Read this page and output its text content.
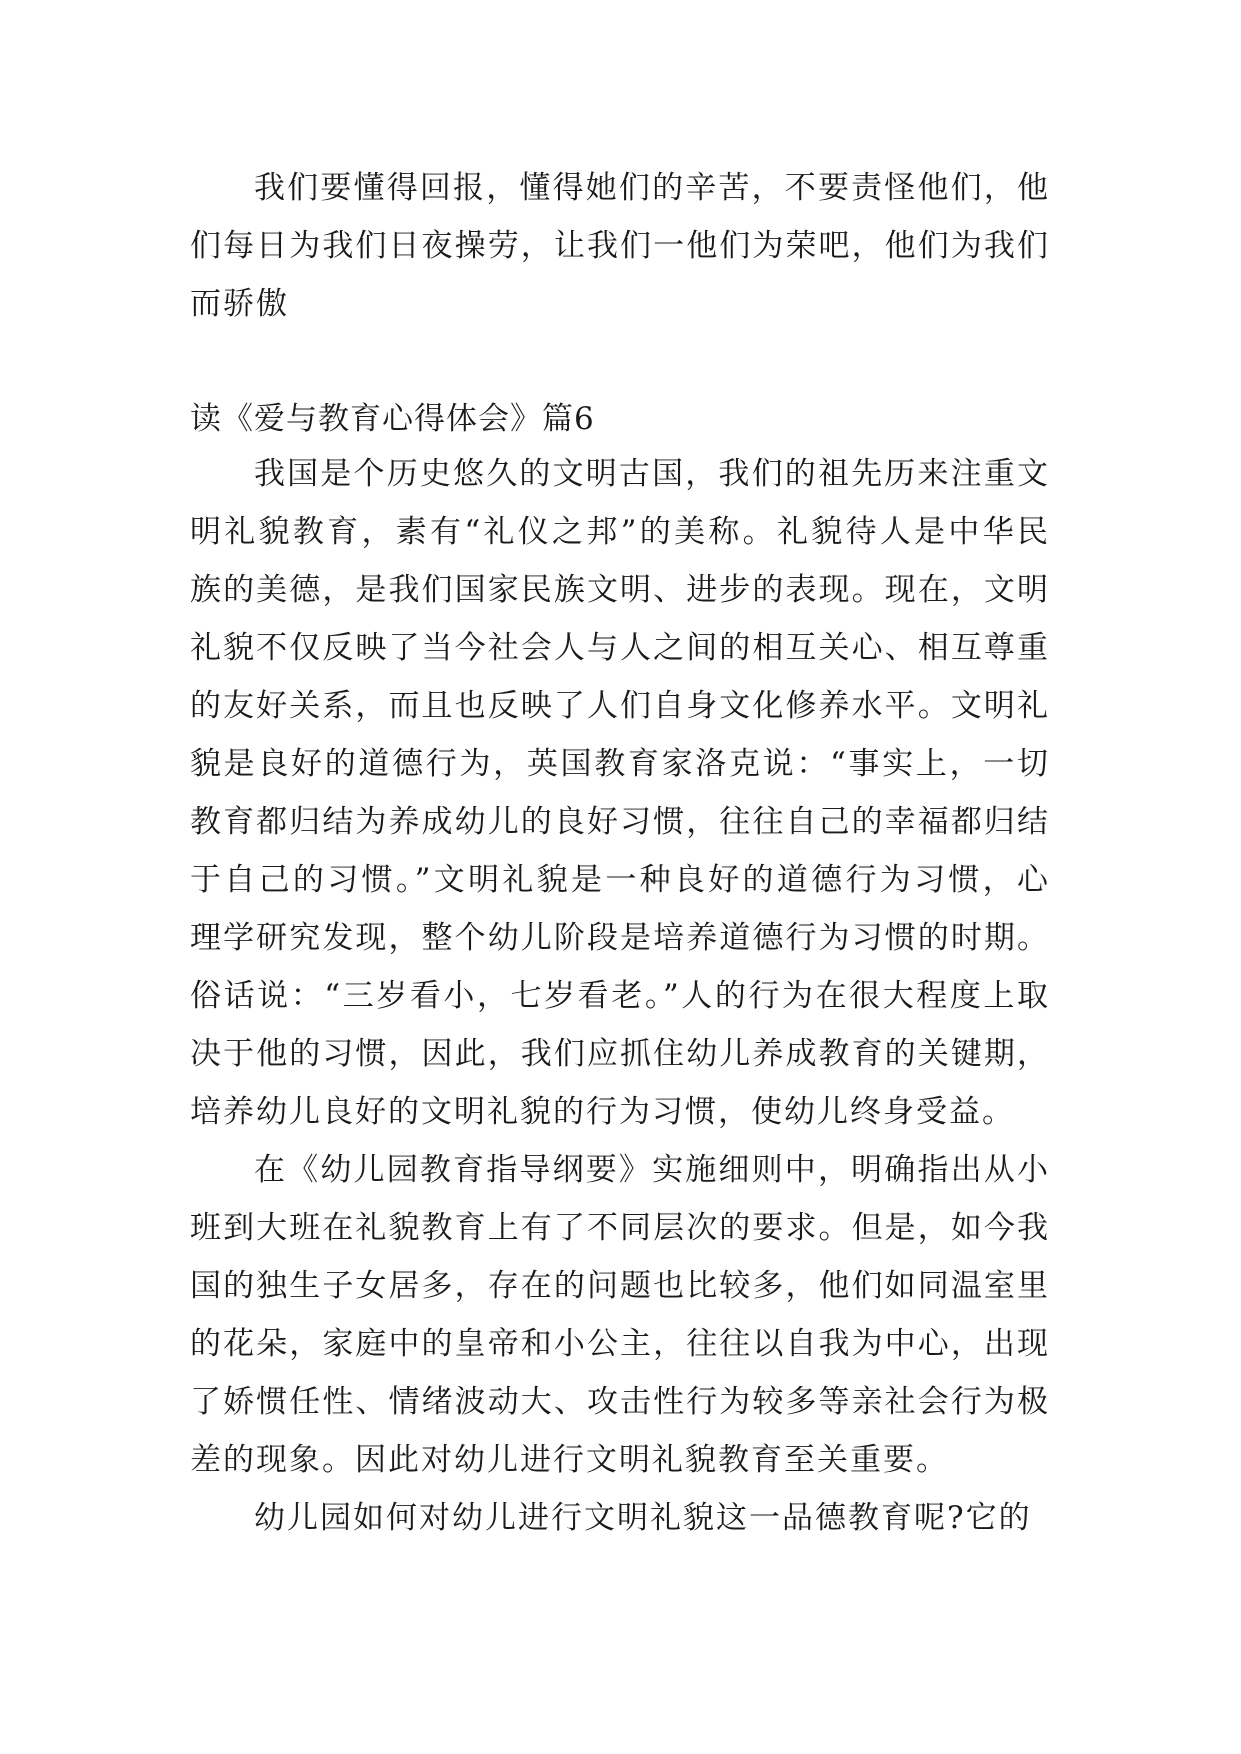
我们要懂得回报，懂得她们的辛苦，不要责怪他们，他们每日为我们日夜操劳，让我们一他们为荣吧，他们为我们而骄傲

读《爱与教育心得体会》篇6

我国是个历史悠久的文明古国，我们的祖先历来注重文明礼貌教育，素有“礼仪之邦”的美称。礼貌待人是中华民族的美德，是我们国家民族文明、进步的表现。现在，文明礼貌不仅反映了当今社会人与人之间的相互关心、相互尊重的友好关系，而且也反映了人们自身文化修养水平。文明礼貌是良好的道德行为，英国教育家洛克说：“事实上，一切教育都归结为养成幼儿的良好习惯，往往自己的幸福都归结于自己的习惯。”文明礼貌是一种良好的道德行为习惯，心理学研究发现，整个幼儿阶段是培养道德行为习惯的时期。俗话说：“三岁看小，七岁看老。”人的行为在很大程度上取决于他的习惯，因此，我们应抓住幼儿养成教育的关键期，培养幼儿良好的文明礼貌的行为习惯，使幼儿终身受益。

在《幼儿园教育指导纲要》实施细则中，明确指出从小班到大班在礼貌教育上有了不同层次的要求。但是，如今我国的独生子女居多，存在的问题也比较多，他们如同温室里的花朵，家庭中的皇帝和小公主，往往以自我为中心，出现了娇惯任性、情绪波动大、攻击性行为较多等亲社会行为极差的现象。因此对幼儿进行文明礼貌教育至关重要。

幼儿园如何对幼儿进行文明礼貌这一品德教育呢?它的
